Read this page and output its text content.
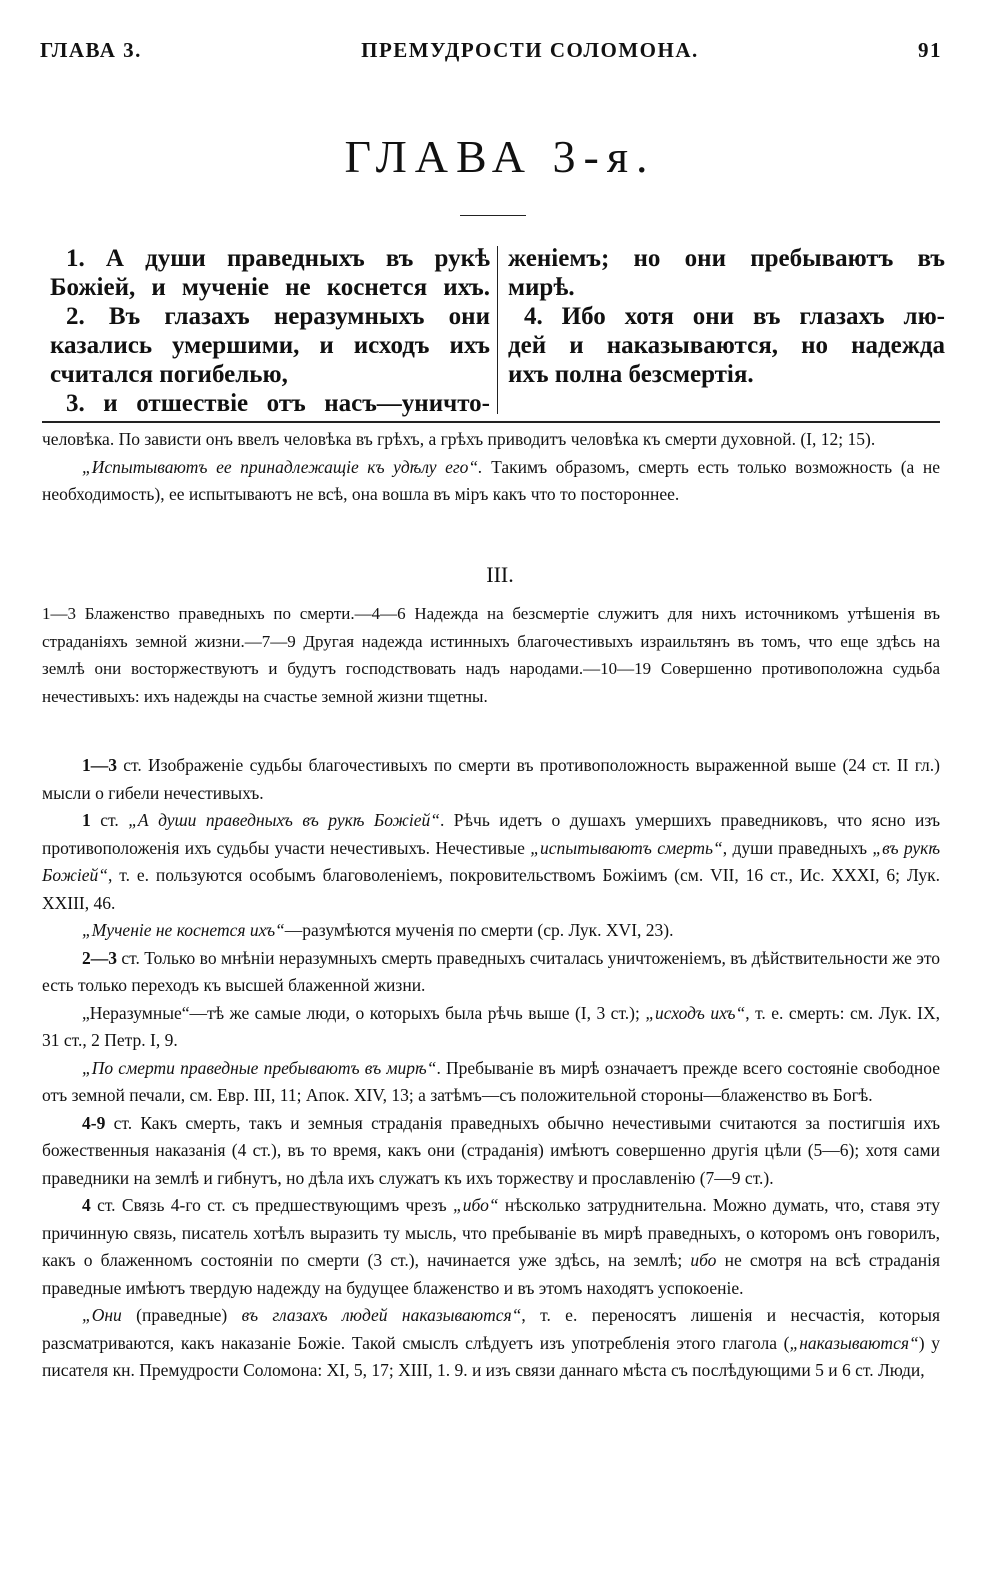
ГЛАВА 3.	ПРЕМУДРОСТИ СОЛОМОНА.	91
ГЛАВА 3-я.
1. А души праведныхъ въ рукѣ
Божіей, и мученіе не коснется ихъ.
2. Въ глазахъ неразумныхъ они
казались умершими, и исходъ ихъ
считался погибелью,
3. и отшествіе отъ насъ—уничто-
женіемъ; но они пребываютъ въ
мирѣ.
4. Ибо хотя они въ глазахъ лю-
дей и наказываются, но надежда
ихъ полна безсмертія.

человѣка. По зависти онъ ввелъ человѣка въ грѣхъ, а грѣхъ приводитъ человѣка къ смерти духовной. (I, 12; 15).

„Испытываютъ ее принадлежащіе къ удѣлу его“. Такимъ образомъ, смерть есть только возможность (а не необходимость), ее испытываютъ не всѣ, она вошла въ міръ какъ что то постороннее.

III.

1—3 Блаженство праведныхъ по смерти.—4—6 Надежда на безсмертіе служитъ для нихъ источникомъ утѣшенія въ страданіяхъ земной жизни.—7—9 Другая надежда истинныхъ благочестивыхъ израильтянъ въ томъ, что еще здѣсь на землѣ они восторжествуютъ и будутъ господствовать надъ народами.—10—19 Совершенно противоположна судьба нечестивыхъ: ихъ надежды на счастье земной жизни тщетны.

1—3 ст. Изображеніе судьбы благочестивыхъ по смерти въ противоположность выраженной выше (24 ст. II гл.) мысли о гибели нечестивыхъ.

1 ст. „А души праведныхъ въ рукѣ Божіей“. Рѣчь идетъ о душахъ умершихъ праведниковъ, что ясно изъ противоположенія ихъ судьбы участи нечестивыхъ. Нечестивые „испытываютъ смерть“, души праведныхъ „въ рукѣ Божіей“, т. е. пользуются особымъ благоволеніемъ, покровительствомъ Божіимъ (см. VII, 16 ст., Ис. XXXI, 6; Лук. XXIII, 46.

„Мученіе не коснется ихъ“—разумѣются мученія по смерти (ср. Лук. XVI, 23).

2—3 ст. Только во мнѣніи неразумныхъ смерть праведныхъ считалась уничтоженіемъ, въ дѣйствительности же это есть только переходъ къ высшей блаженной жизни.

„Неразумные“—тѣ же самые люди, о которыхъ была рѣчь выше (I, 3 ст.); „исходъ ихъ“, т. е. смерть: см. Лук. IX, 31 ст., 2 Петр. I, 9.

„По смерти праведные пребываютъ въ мирѣ“. Пребываніе въ мирѣ означаетъ прежде всего состояніе свободное отъ земной печали, см. Евр. III, 11; Апок. XIV, 13; а затѣмъ—съ положительной стороны—блаженство въ Богѣ.

4-9 ст. Какъ смерть, такъ и земныя страданія праведныхъ обычно нечестивыми считаются за постигшія ихъ божественныя наказанія (4 ст.), въ то время, какъ они (страданія) имѣютъ совершенно другія цѣли (5—6); хотя сами праведники на землѣ и гибнутъ, но дѣла ихъ служатъ къ ихъ торжеству и прославленію (7—9 ст.).

4 ст. Связь 4-го ст. съ предшествующимъ чрезъ „ибо“ нѣсколько затруднительна. Можно думать, что, ставя эту причинную связь, писатель хотѣлъ выразить ту мысль, что пребываніе въ мирѣ праведныхъ, о которомъ онъ говорилъ, какъ о блаженномъ состояніи по смерти (3 ст.), начинается уже здѣсь, на землѣ; ибо не смотря на всѣ страданія праведные имѣютъ твердую надежду на будущее блаженство и въ этомъ находятъ успокоеніе.

„Они (праведные) въ глазахъ людей наказываются“, т. е. переносятъ лишенія и несчастія, которыя разсматриваются, какъ наказаніе Божіе. Такой смыслъ слѣдуетъ изъ употребленія этого глагола („наказываются“) у писателя кн. Премудрости Соломона: XI, 5, 17; XIII, 1. 9. и изъ связи даннаго мѣста съ послѣдующими 5 и 6 ст. Люди,
